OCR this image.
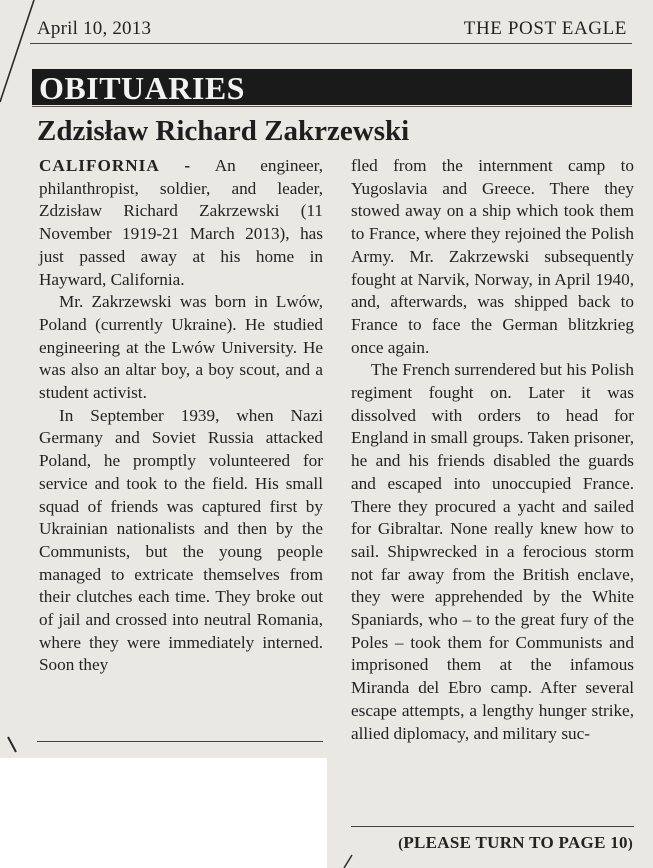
April 10, 2013	THE POST EAGLE
OBITUARIES
Zdzisław Richard Zakrzewski

CALIFORNIA - An engineer, philanthropist, soldier, and leader, Zdzisław Richard Zakrzewski (11 November 1919-21 March 2013), has just passed away at his home in Hayward, California.

Mr. Zakrzewski was born in Lwów, Poland (currently Ukraine). He studied engineering at the Lwów University. He was also an altar boy, a boy scout, and a student activist.

In September 1939, when Nazi Germany and Soviet Russia attacked Poland, he promptly volunteered for service and took to the field. His small squad of friends was captured first by Ukrainian nationalists and then by the Communists, but the young people managed to extricate themselves from their clutches each time. They broke out of jail and crossed into neutral Romania, where they were immediately interned. Soon they

fled from the internment camp to Yugoslavia and Greece. There they stowed away on a ship which took them to France, where they rejoined the Polish Army. Mr. Zakrzewski subsequently fought at Narvik, Norway, in April 1940, and, afterwards, was shipped back to France to face the German blitzkrieg once again.

The French surrendered but his Polish regiment fought on. Later it was dissolved with orders to head for England in small groups. Taken prisoner, he and his friends disabled the guards and escaped into unoccupied France. There they procured a yacht and sailed for Gibraltar. None really knew how to sail. Shipwrecked in a ferocious storm not far away from the British enclave, they were apprehended by the White Spaniards, who – to the great fury of the Poles – took them for Communists and imprisoned them at the infamous Miranda del Ebro camp. After several escape attempts, a lengthy hunger strike, allied diplomacy, and military suc-

(PLEASE TURN TO PAGE 10)
